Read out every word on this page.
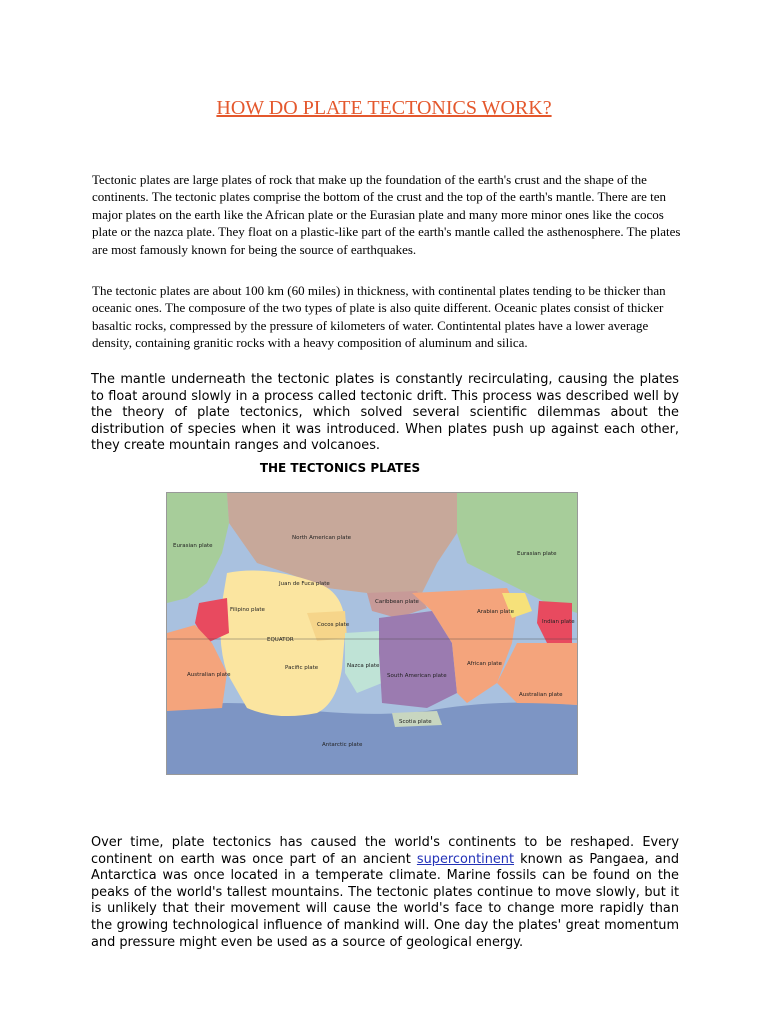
HOW DO PLATE TECTONICS WORK?

Tectonic plates are large plates of rock that make up the foundation of the earth's crust and the shape of the continents. The tectonic plates comprise the bottom of the crust and the top of the earth's mantle. There are ten major plates on the earth like the African plate or the Eurasian plate and many more minor ones like the cocos plate or the nazca plate. They float on a plastic-like part of the earth's mantle called the asthenosphere. The plates are most famously known for being the source of earthquakes.

The tectonic plates are about 100 km (60 miles) in thickness, with continental plates tending to be thicker than oceanic ones. The composure of the two types of plate is also quite different. Oceanic plates consist of thicker basaltic rocks, compressed by the pressure of kilometers of water. Contintental plates have a lower average density, containing granitic rocks with a heavy composition of aluminum and silica.

The mantle underneath the tectonic plates is constantly recirculating, causing the plates to float around slowly in a process called tectonic drift. This process was described well by the theory of plate tectonics, which solved several scientific dilemmas about the distribution of species when it was introduced. When plates push up against each other, they create mountain ranges and volcanoes.

THE TECTONICS PLATES
Eurasian plate
North American plate
Juan de Fuca plate
Caribbean plate
Filipino plate
Cocos plate
EQUATOR
Pacific plate	Nazca plate
South American plate
Australian plate
Eurasian plate
Arabian plate
Indian plate
African plate
Australian plate
Scotia plate
Antarctic plate

Over time, plate tectonics has caused the world's continents to be reshaped. Every continent on earth was once part of an ancient supercontinent known as Pangaea, and Antarctica was once located in a temperate climate. Marine fossils can be found on the peaks of the world's tallest mountains. The tectonic plates continue to move slowly, but it is unlikely that their movement will cause the world's face to change more rapidly than the growing technological influence of mankind will. One day the plates' great momentum and pressure might even be used as a source of geological energy.
